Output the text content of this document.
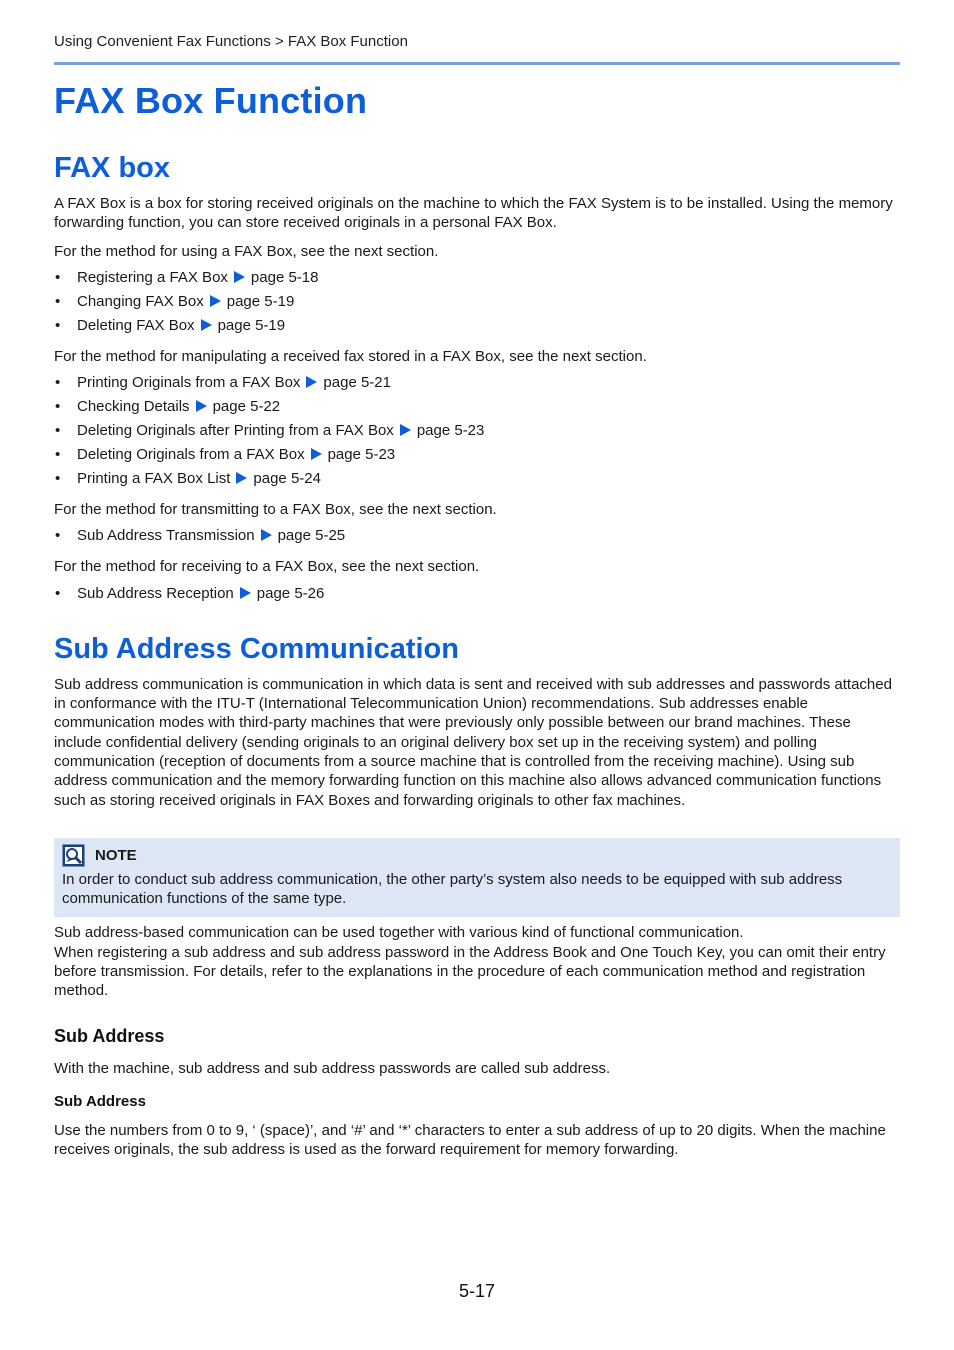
Using Convenient Fax Functions > FAX Box Function
FAX Box Function
FAX box

A FAX Box is a box for storing received originals on the machine to which the FAX System is to be installed. Using the memory forwarding function, you can store received originals in a personal FAX Box.

For the method for using a FAX Box, see the next section.

• Registering a FAX Box page 5-18
• Changing FAX Box page 5-19
• Deleting FAX Box page 5-19

For the method for manipulating a received fax stored in a FAX Box, see the next section.

• Printing Originals from a FAX Box page 5-21
• Checking Details page 5-22
• Deleting Originals after Printing from a FAX Box page 5-23
• Deleting Originals from a FAX Box page 5-23
• Printing a FAX Box List page 5-24

For the method for transmitting to a FAX Box, see the next section.

• Sub Address Transmission page 5-25

For the method for receiving to a FAX Box, see the next section.

• Sub Address Reception page 5-26
Sub Address Communication

Sub address communication is communication in which data is sent and received with sub addresses and passwords attached in conformance with the ITU-T (International Telecommunication Union) recommendations. Sub addresses enable communication modes with third-party machines that were previously only possible between our brand machines. These include confidential delivery (sending originals to an original delivery box set up in the receiving system) and polling communication (reception of documents from a source machine that is controlled from the receiving machine). Using sub address communication and the memory forwarding function on this machine also allows advanced communication functions such as storing received originals in FAX Boxes and forwarding originals to other fax machines.

NOTE

In order to conduct sub address communication, the other party’s system also needs to be equipped with sub address communication functions of the same type.

Sub address-based communication can be used together with various kind of functional communication.

When registering a sub address and sub address password in the Address Book and One Touch Key, you can omit their entry before transmission. For details, refer to the explanations in the procedure of each communication method and registration method.

Sub Address

With the machine, sub address and sub address passwords are called sub address.

Sub Address

Use the numbers from 0 to 9, ‘ (space)’, and ‘#’ and ‘*’ characters to enter a sub address of up to 20 digits. When the machine receives originals, the sub address is used as the forward requirement for memory forwarding.

5-17
